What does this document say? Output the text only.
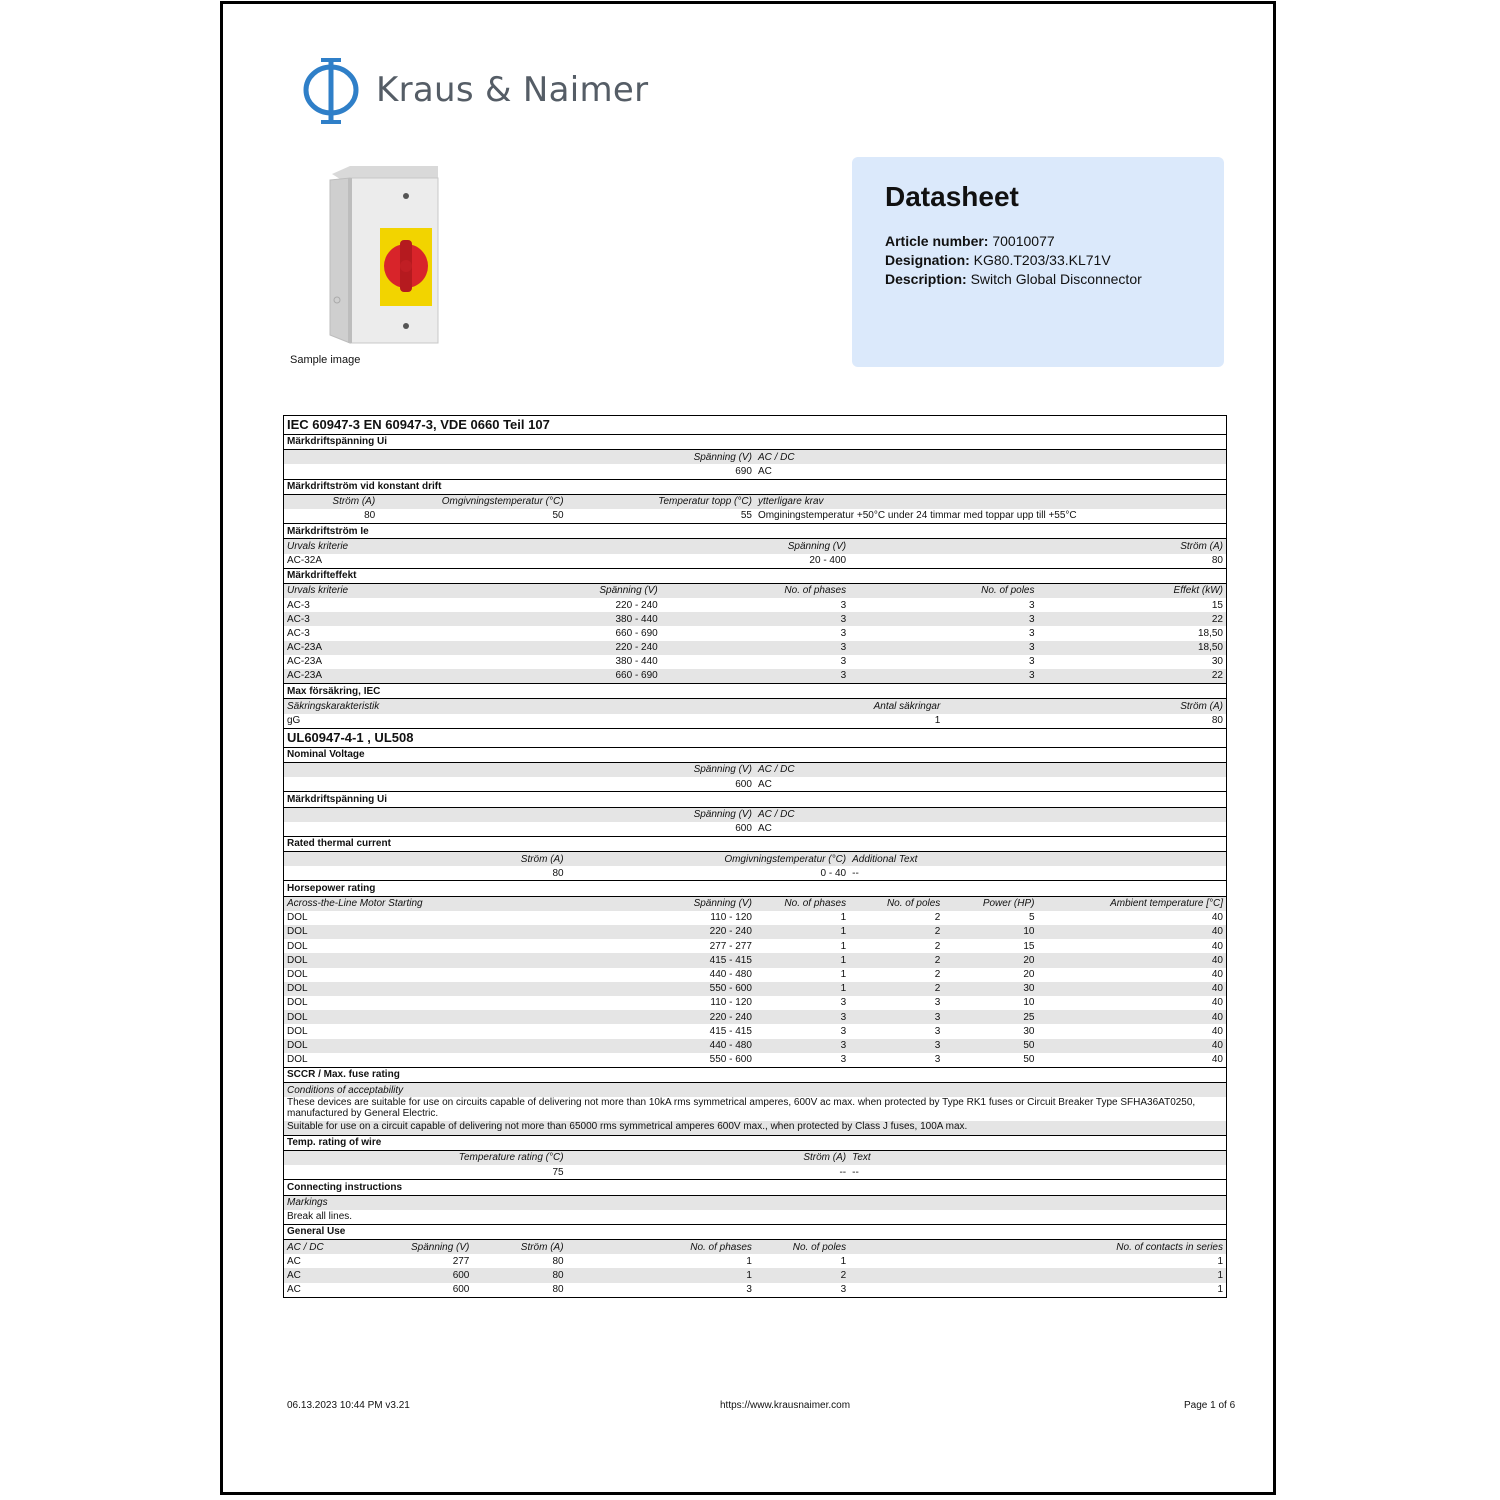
Kraus & Naimer
Sample image
Datasheet
Article number: 70010077
Designation: KG80.T203/33.KL71V
Description: Switch Global Disconnector
IEC 60947-3 EN 60947-3, VDE 0660 Teil 107								
Märkdriftspänning Ui								
Spänning (V)					AC / DC			
690					AC			
Märkdriftström vid konstant drift								
Ström (A)	Omgivningstemperatur (°C)		Temperatur topp (°C)		ytterligare krav			
80	50		55		Omginingstemperatur +50°C under 24 timmar med toppar upp till +55°C			
Märkdriftström Ie								
Urvals kriterie			Spänning (V)			Ström (A)		
AC-32A			20 - 400			80		
Märkdrifteffekt								
Urvals kriterie		Spänning (V)		No. of phases		No. of poles		Effekt (kW)
AC-3		220 - 240		3		3		15
AC-3		380 - 440		3		3		22
AC-3		660 - 690		3		3		18,50
AC-23A		220 - 240		3		3		18,50
AC-23A		380 - 440		3		3		30
AC-23A		660 - 690		3		3		22
Max försäkring, IEC								
Säkringskarakteristik				Antal säkringar			Ström (A)	
gG				1			80	
UL60947-4-1 , UL508								
Nominal Voltage								
Spänning (V)					AC / DC			
600					AC			
Märkdriftspänning Ui								
Spänning (V)					AC / DC			
600					AC			
Rated thermal current								
Ström (A)			Omgivningstemperatur (°C)			Additional Text		
80			0 - 40			--		
Horsepower rating								
Across-the-Line Motor Starting				Spänning (V)	No. of phases	No. of poles	Power (HP)	Ambient temperature [°C]
DOL				110 - 120	1	2	5	40
DOL				220 - 240	1	2	10	40
DOL				277 - 277	1	2	15	40
DOL				415 - 415	1	2	20	40
DOL				440 - 480	1	2	20	40
DOL				550 - 600	1	2	30	40
DOL				110 - 120	3	3	10	40
DOL				220 - 240	3	3	25	40
DOL				415 - 415	3	3	30	40
DOL				440 - 480	3	3	50	40
DOL				550 - 600	3	3	50	40
SCCR / Max. fuse rating								
Conditions of acceptability								
These devices are suitable for use on circuits capable of delivering not more than 10kA rms symmetrical amperes, 600V ac max. when protected by Type RK1 fuses or Circuit Breaker Type SFHA36AT0250, manufactured by General Electric.								
Suitable for use on a circuit capable of delivering not more than 65000 rms symmetrical amperes 600V max., when protected by Class J fuses, 100A max.								
Temp. rating of wire								
Temperature rating (°C)			Ström (A)			Text		
75			--			--		
Connecting instructions								
Markings								
Break all lines.								
General Use								
AC / DC	Spänning (V)	Ström (A)	No. of phases		No. of poles	No. of contacts in series		
AC	277	80	1		1	1		
AC	600	80	1		2	1		
AC	600	80	3		3	1		
06.13.2023 10:44 PM v3.21	https://www.krausnaimer.com	Page 1 of 6
